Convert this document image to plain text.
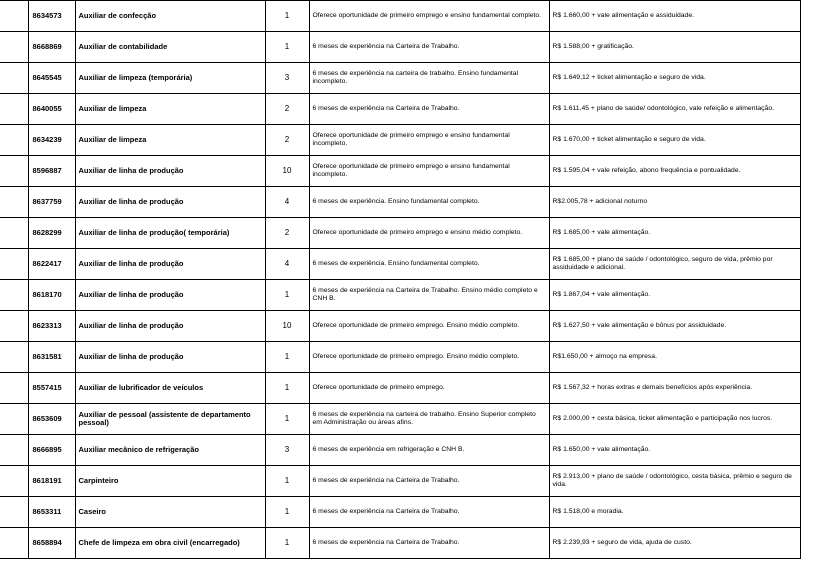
	8634573	Auxiliar de confecção	1	Oferece oportunidade de primeiro emprego e ensino fundamental completo.	R$ 1.660,00 + vale alimentação e assiduidade.
	8668869	Auxiliar de contabilidade	1	6 meses de experiência na Carteira de Trabalho.	R$ 1.588,00 + gratificação.
	8645545	Auxiliar de limpeza (temporária)	3	6 meses de experiência na carteira de trabalho. Ensino fundamental incompleto.	R$ 1.649,12 + ticket alimentação e seguro de vida.
	8640055	Auxiliar de limpeza	2	6 meses de experiência na Carteira de Trabalho.	R$ 1.611,45 + plano de saúde/ odontológico, vale refeição e alimentação.
	8634239	Auxiliar de limpeza	2	Oferece oportunidade de primeiro emprego e ensino fundamental incompleto.	R$ 1.670,00 + ticket alimentação e seguro de vida.
	8596887	Auxiliar de linha de produção	10	Oferece oportunidade de primeiro emprego e ensino fundamental incompleto.	R$ 1.595,04 + vale refeição, abono frequência e pontualidade.
	8637759	Auxiliar de linha de produção	4	6 meses de experiência. Ensino fundamental completo.	R$2.005,78 + adicional noturno
	8628299	Auxiliar de linha de produção( temporária)	2	Oferece oportunidade de primeiro emprego e ensino médio completo.	R$ 1.685,00 + vale alimentação.
	8622417	Auxiliar de linha de produção	4	6 meses de experiência. Ensino fundamental completo.	R$ 1.685,00 + plano de saúde / odontológico, seguro de vida, prêmio por assiduidade e adicional.
	8618170	Auxiliar de linha de produção	1	6 meses de experiência na Carteira de Trabalho. Ensino médio completo e CNH B.	R$ 1.867,04 + vale alimentação.
	8623313	Auxiliar de linha de produção	10	Oferece oportunidade de primeiro emprego. Ensino médio completo.	R$ 1.627,50 + vale alimentação e bônus por assiduidade.
	8631581	Auxiliar de linha de produção	1	Oferece oportunidade de primeiro emprego. Ensino médio completo.	R$1.650,00 + almoço na empresa.
	8557415	Auxiliar de lubrificador de veículos	1	Oferece oportunidade de primeiro emprego.	R$ 1.567,32 + horas extras e demais benefícios após experiência.
	8653609	Auxiliar de pessoal (assistente de departamento pessoal)	1	6 meses de experiência na carteira de trabalho. Ensino Superior completo em Administração ou áreas afins.	R$ 2.000,00 + cesta básica, ticket alimentação e participação nos lucros.
	8666895	Auxiliar mecânico de refrigeração	3	6 meses de experiência em refrigeração e CNH B.	R$ 1.650,00 + vale alimentação.
	8618191	Carpinteiro	1	6 meses de experiência na Carteira de Trabalho.	R$ 2.913,00 + plano de saúde / odontológico, cesta básica, prêmio e seguro de vida.
	8653311	Caseiro	1	6 meses de experiência na Carteira de Trabalho.	R$ 1.518,00 e moradia.
	8658894	Chefe de limpeza em obra civil (encarregado)	1	6 meses de experiência na Carteira de Trabalho.	R$ 2.239,93 + seguro de vida, ajuda de custo.
